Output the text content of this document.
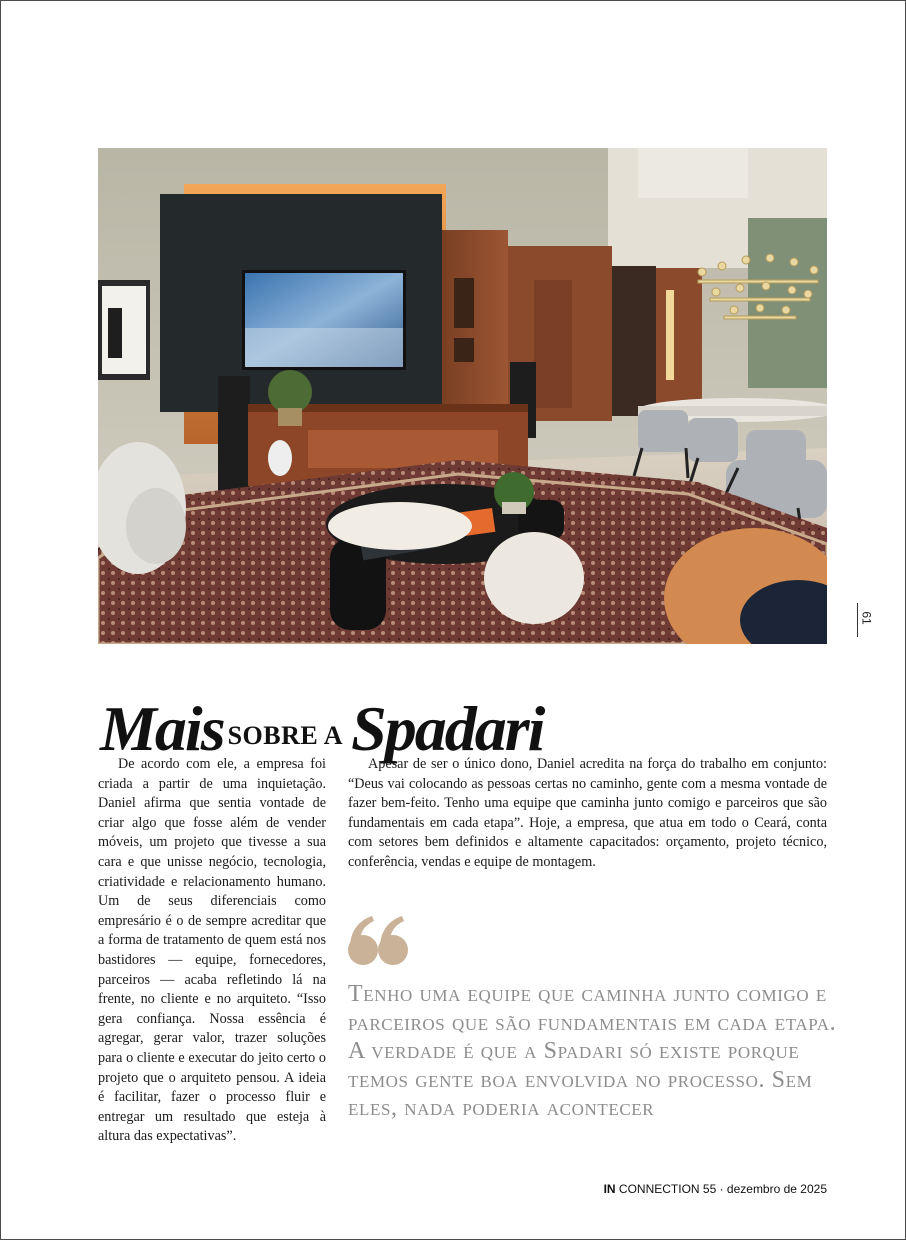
61
Mais SOBRE A Spadari

De acordo com ele, a empresa foi criada a partir de uma inquietação. Daniel afirma que sentia vontade de criar algo que fosse além de vender móveis, um projeto que tivesse a sua cara e que unisse negócio, tecnologia, criatividade e relacionamento humano. Um de seus diferenciais como empresário é o de sempre acreditar que a forma de tratamento de quem está nos bastidores — equipe, fornecedores, parceiros — acaba refletindo lá na frente, no cliente e no arquiteto. “Isso gera confiança. Nossa essência é agregar, gerar valor, trazer soluções para o cliente e executar do jeito certo o projeto que o arquiteto pensou. A ideia é facilitar, fazer o processo fluir e entregar um resultado que esteja à altura das expectativas”.

Apesar de ser o único dono, Daniel acredita na força do trabalho em conjunto: “Deus vai colocando as pessoas certas no caminho, gente com a mesma vontade de fazer bem-feito. Tenho uma equipe que caminha junto comigo e parceiros que são fundamentais em cada etapa”. Hoje, a empresa, que atua em todo o Ceará, conta com setores bem definidos e altamente capacitados: orçamento, projeto técnico, conferência, vendas e equipe de montagem.

Tenho uma equipe que caminha junto comigo e parceiros que são fundamentais em cada etapa. A verdade é que a Spadari só existe porque temos gente boa envolvida no processo. Sem eles, nada poderia acontecer

IN CONNECTION 55 · dezembro de 2025
